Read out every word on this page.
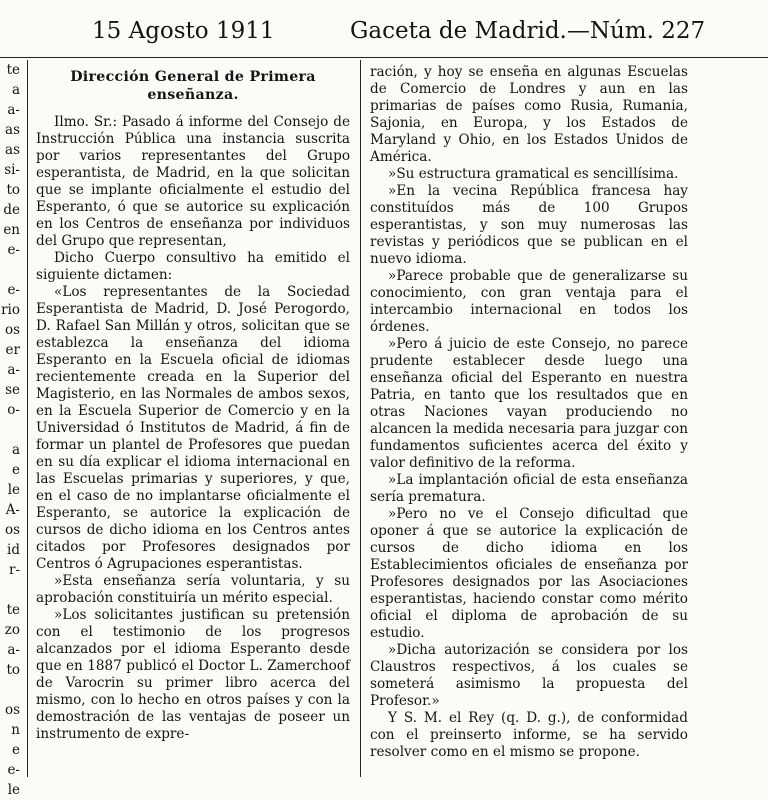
15 Agosto 1911	Gaceta de Madrid.—Núm. 227
te
a
a-
as
as
si-
to
de
en
e-
e-
rio
os
er
a-
se
o-
a
e
le
A-
os
id
r-
te
zo
a-
to
os
n
e
e-
le
Dirección General de Primera enseñanza.

Ilmo. Sr.: Pasado á informe del Consejo de Instrucción Pública una instancia suscrita por varios representantes del Grupo esperantista, de Madrid, en la que solicitan que se implante oficialmente el estudio del Esperanto, ó que se autorice su explicación en los Centros de enseñanza por individuos del Grupo que representan,

Dicho Cuerpo consultivo ha emitido el siguiente dictamen:

«Los representantes de la Sociedad Esperantista de Madrid, D. José Perogordo, D. Rafael San Millán y otros, solicitan que se establezca la enseñanza del idioma Esperanto en la Escuela oficial de idiomas recientemente creada en la Superior del Magisterio, en las Normales de ambos sexos, en la Escuela Superior de Comercio y en la Universidad ó Institutos de Madrid, á fin de formar un plantel de Profesores que puedan en su día explicar el idioma internacional en las Escuelas primarias y superiores, y que, en el caso de no implantarse oficialmente el Esperanto, se autorice la explicación de cursos de dicho idioma en los Centros antes citados por Profesores designados por Centros ó Agrupaciones esperantistas.

»Esta enseñanza sería voluntaria, y su aprobación constituiría un mérito especial.

»Los solicitantes justifican su pretensión con el testimonio de los progresos alcanzados por el idioma Esperanto desde que en 1887 publicó el Doctor L. Zamerchoof de Varocrin su primer libro acerca del mismo, con lo hecho en otros países y con la demostración de las ventajas de poseer un instrumento de expre-

ración, y hoy se enseña en algunas Escuelas de Comercio de Londres y aun en las primarias de países como Rusia, Rumania, Sajonia, en Europa, y los Estados de Maryland y Ohio, en los Estados Unidos de América.

»Su estructura gramatical es sencillísima.

»En la vecina República francesa hay constituídos más de 100 Grupos esperantistas, y son muy numerosas las revistas y periódicos que se publican en el nuevo idioma.

»Parece probable que de generalizarse su conocimiento, con gran ventaja para el intercambio internacional en todos los órdenes.

»Pero á juicio de este Consejo, no parece prudente establecer desde luego una enseñanza oficial del Esperanto en nuestra Patria, en tanto que los resultados que en otras Naciones vayan produciendo no alcancen la medida necesaria para juzgar con fundamentos suficientes acerca del éxito y valor definitivo de la reforma.

»La implantación oficial de esta enseñanza sería prematura.

»Pero no ve el Consejo dificultad que oponer á que se autorice la explicación de cursos de dicho idioma en los Establecimientos oficiales de enseñanza por Profesores designados por las Asociaciones esperantistas, haciendo constar como mérito oficial el diploma de aprobación de su estudio.

»Dicha autorización se considera por los Claustros respectivos, á los cuales se someterá asimismo la propuesta del Profesor.»

Y S. M. el Rey (q. D. g.), de conformidad con el preinserto informe, se ha servido resolver como en el mismo se propone.
